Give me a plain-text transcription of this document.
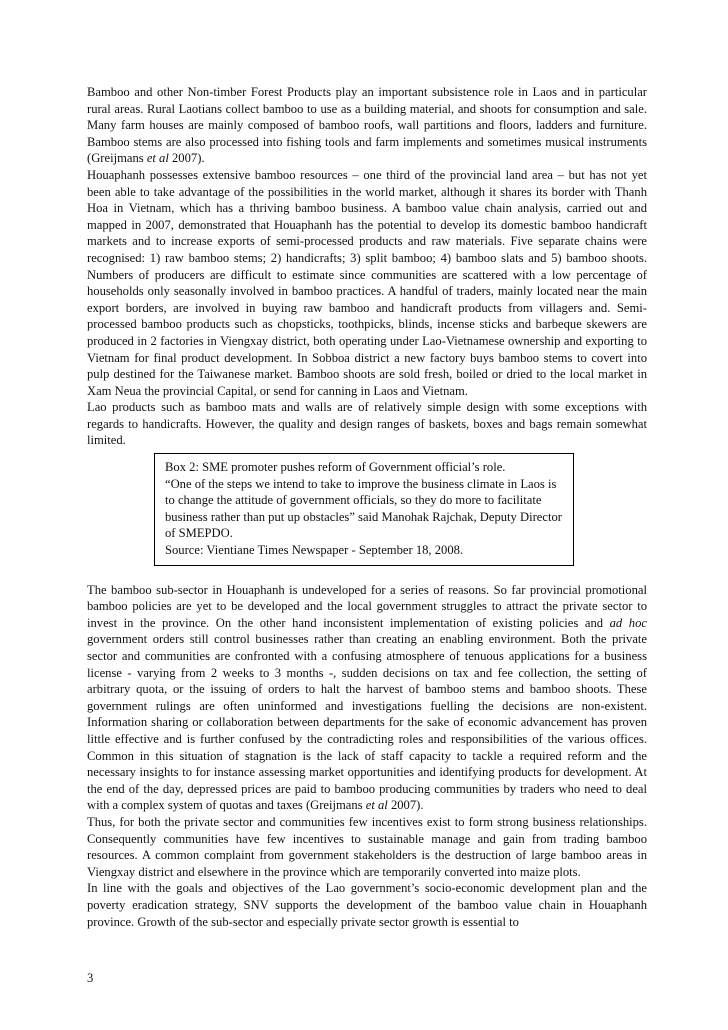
Bamboo and other Non-timber Forest Products play an important subsistence role in Laos and in particular rural areas. Rural Laotians collect bamboo to use as a building material, and shoots for consumption and sale. Many farm houses are mainly composed of bamboo roofs, wall partitions and floors, ladders and furniture. Bamboo stems are also processed into fishing tools and farm implements and sometimes musical instruments (Greijmans et al 2007).

Houaphanh possesses extensive bamboo resources – one third of the provincial land area – but has not yet been able to take advantage of the possibilities in the world market, although it shares its border with Thanh Hoa in Vietnam, which has a thriving bamboo business. A bamboo value chain analysis, carried out and mapped in 2007, demonstrated that Houaphanh has the potential to develop its domestic bamboo handicraft markets and to increase exports of semi-processed products and raw materials. Five separate chains were recognised: 1) raw bamboo stems; 2) handicrafts; 3) split bamboo; 4) bamboo slats and 5) bamboo shoots. Numbers of producers are difficult to estimate since communities are scattered with a low percentage of households only seasonally involved in bamboo practices. A handful of traders, mainly located near the main export borders, are involved in buying raw bamboo and handicraft products from villagers and. Semi-processed bamboo products such as chopsticks, toothpicks, blinds, incense sticks and barbeque skewers are produced in 2 factories in Viengxay district, both operating under Lao-Vietnamese ownership and exporting to Vietnam for final product development. In Sobboa district a new factory buys bamboo stems to covert into pulp destined for the Taiwanese market. Bamboo shoots are sold fresh, boiled or dried to the local market in Xam Neua the provincial Capital, or send for canning in Laos and Vietnam.

Lao products such as bamboo mats and walls are of relatively simple design with some exceptions with regards to handicrafts. However, the quality and design ranges of baskets, boxes and bags remain somewhat limited.

Box 2: SME promoter pushes reform of Government official’s role.
“One of the steps we intend to take to improve the business climate in Laos is to change the attitude of government officials, so they do more to facilitate business rather than put up obstacles” said Manohak Rajchak, Deputy Director of SMEPDO.
Source: Vientiane Times Newspaper - September 18, 2008.

The bamboo sub-sector in Houaphanh is undeveloped for a series of reasons. So far provincial promotional bamboo policies are yet to be developed and the local government struggles to attract the private sector to invest in the province. On the other hand inconsistent implementation of existing policies and ad hoc government orders still control businesses rather than creating an enabling environment. Both the private sector and communities are confronted with a confusing atmosphere of tenuous applications for a business license - varying from 2 weeks to 3 months -, sudden decisions on tax and fee collection, the setting of arbitrary quota, or the issuing of orders to halt the harvest of bamboo stems and bamboo shoots. These government rulings are often uninformed and investigations fuelling the decisions are non-existent. Information sharing or collaboration between departments for the sake of economic advancement has proven little effective and is further confused by the contradicting roles and responsibilities of the various offices. Common in this situation of stagnation is the lack of staff capacity to tackle a required reform and the necessary insights to for instance assessing market opportunities and identifying products for development. At the end of the day, depressed prices are paid to bamboo producing communities by traders who need to deal with a complex system of quotas and taxes (Greijmans et al 2007).

Thus, for both the private sector and communities few incentives exist to form strong business relationships. Consequently communities have few incentives to sustainable manage and gain from trading bamboo resources. A common complaint from government stakeholders is the destruction of large bamboo areas in Viengxay district and elsewhere in the province which are temporarily converted into maize plots.

In line with the goals and objectives of the Lao government’s socio-economic development plan and the poverty eradication strategy, SNV supports the development of the bamboo value chain in Houaphanh province. Growth of the sub-sector and especially private sector growth is essential to

3
